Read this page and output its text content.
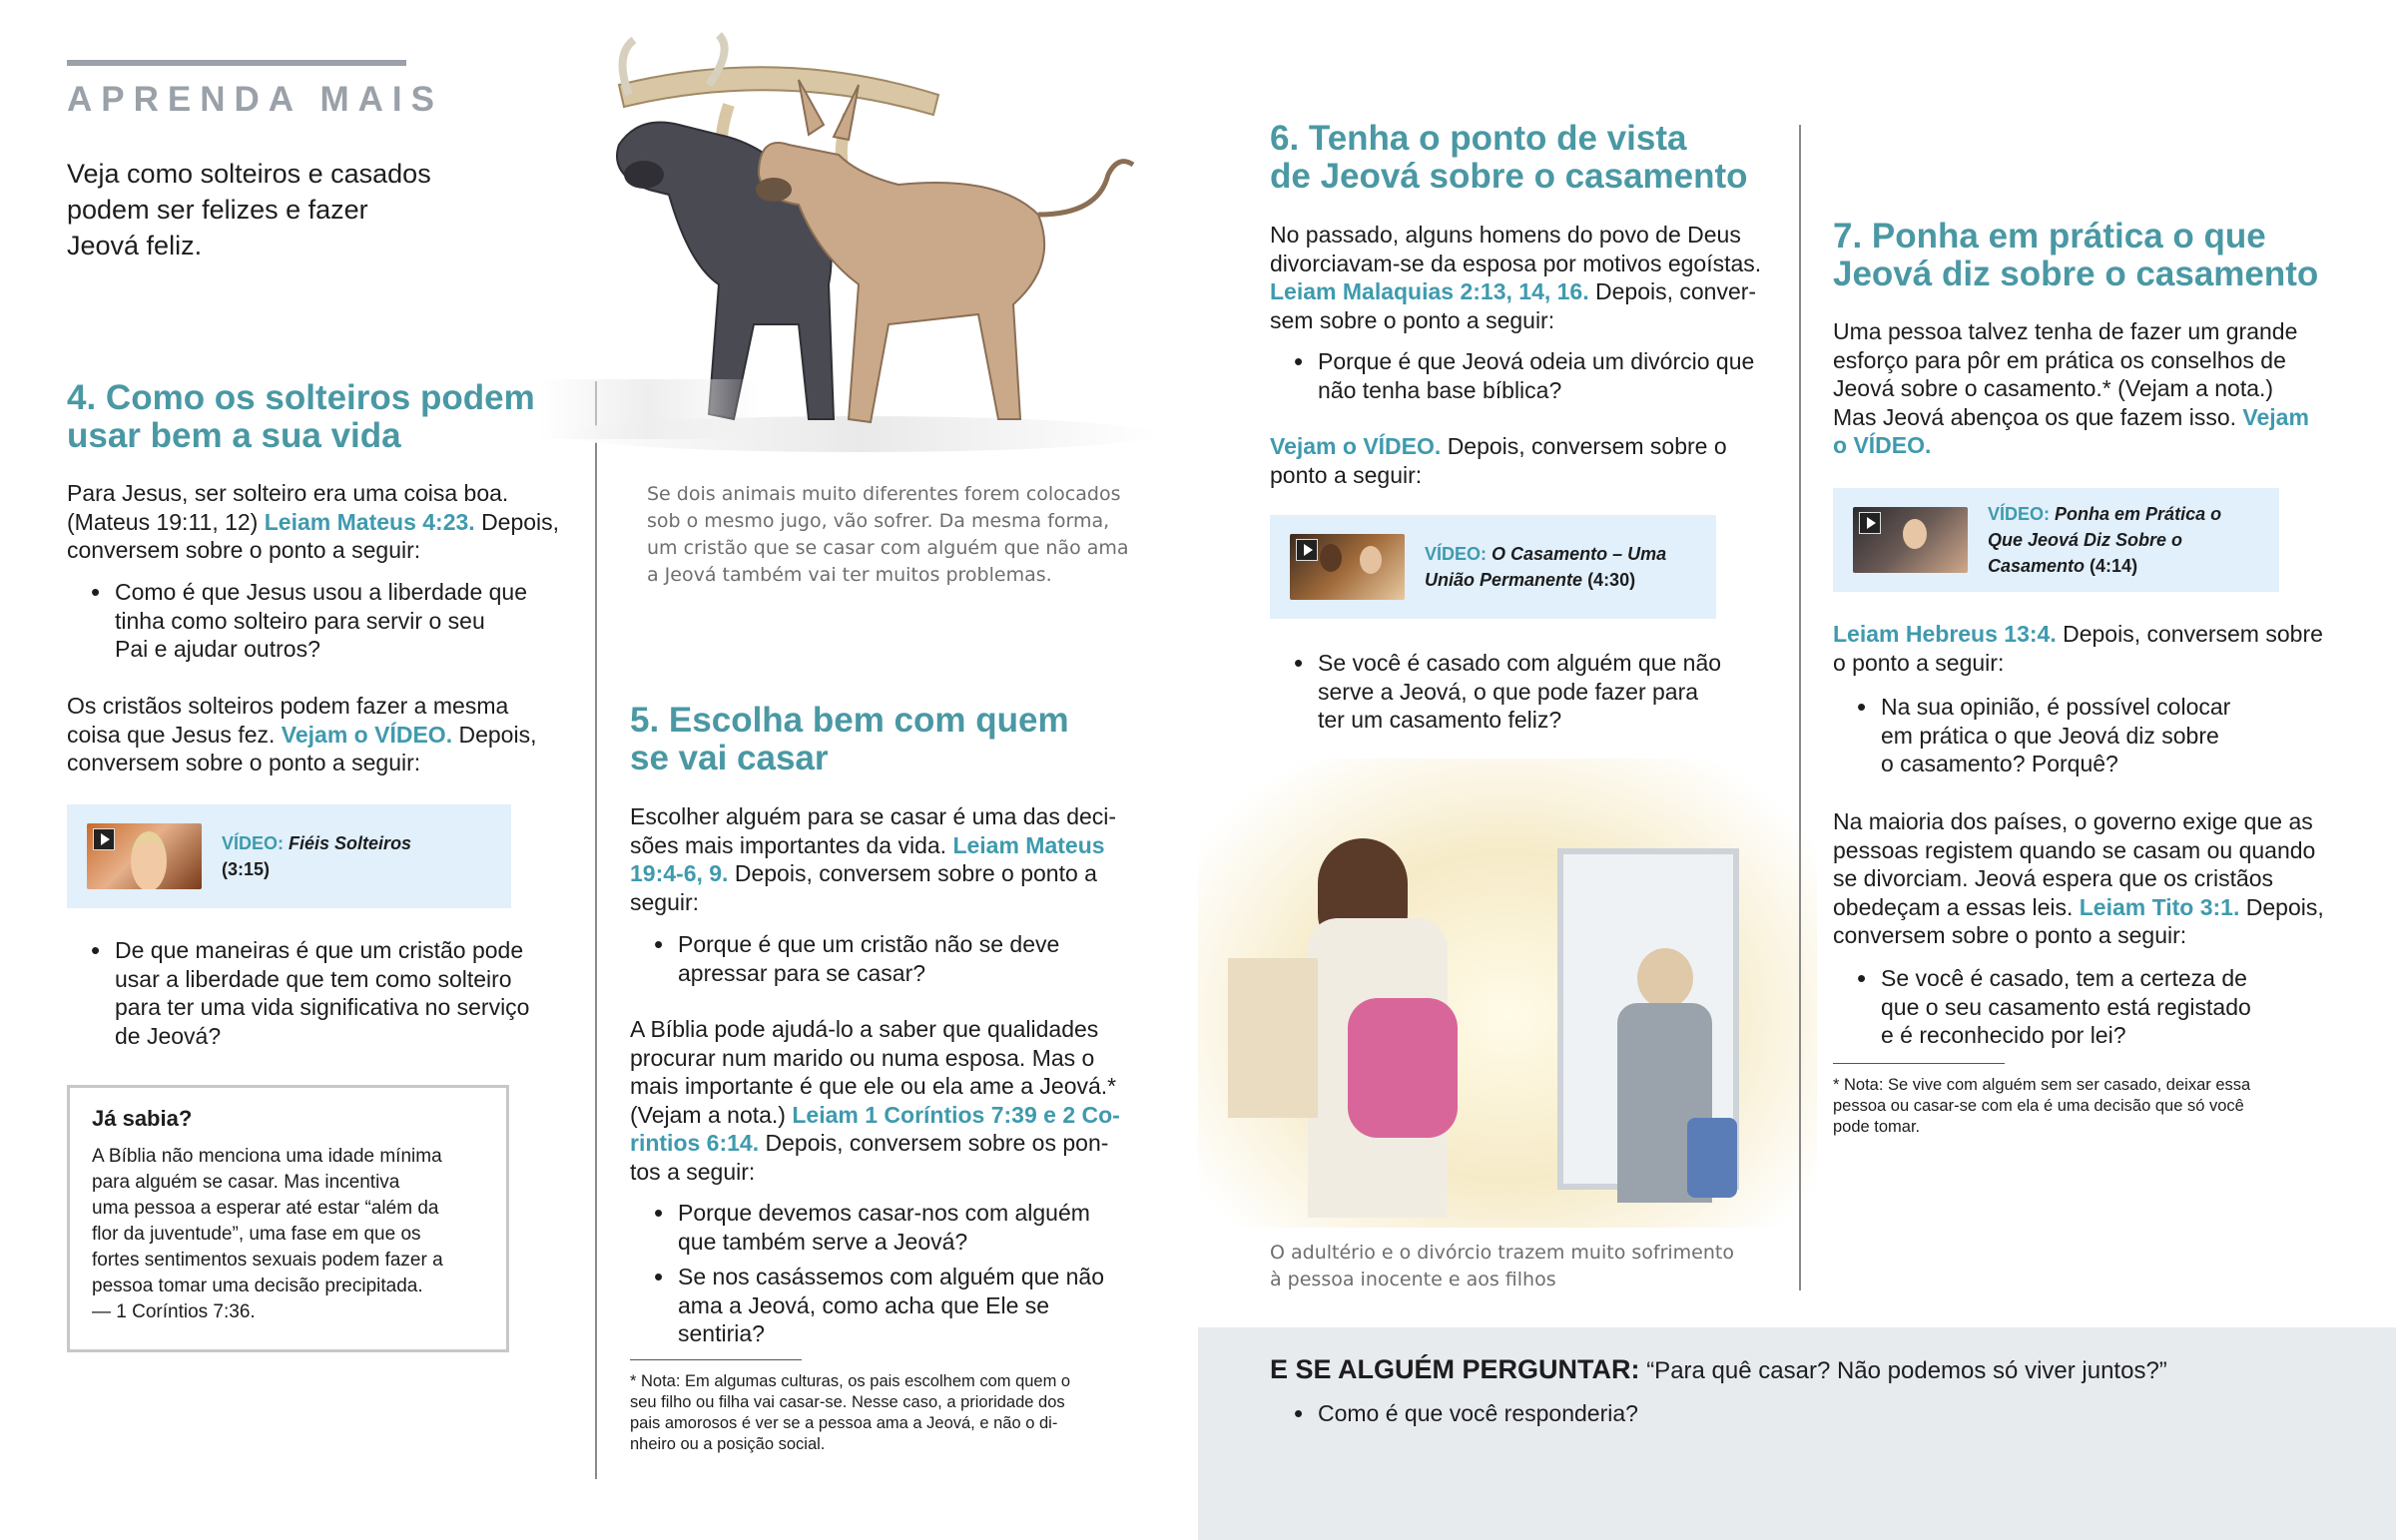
APRENDA MAIS
Veja como solteiros e casados
podem ser felizes e fazer
Jeová feliz.
4. Como os solteiros podem
usar bem a sua vida
Para Jesus, ser solteiro era uma coisa boa.
(Mateus 19:11, 12) Leiam Mateus 4:23. Depois,
conversem sobre o ponto a seguir:
• Como é que Jesus usou a liberdade que
tinha como solteiro para servir o seu
Pai e ajudar outros?
Os cristãos solteiros podem fazer a mesma
coisa que Jesus fez. Vejam o VÍDEO. Depois,
conversem sobre o ponto a seguir:
VÍDEO: Fiéis Solteiros
(3:15)
• De que maneiras é que um cristão pode
usar a liberdade que tem como solteiro
para ter uma vida significativa no serviço
de Jeová?
Já sabia?
A Bíblia não menciona uma idade mínima
para alguém se casar. Mas incentiva
uma pessoa a esperar até estar “além da
flor da juventude”, uma fase em que os
fortes sentimentos sexuais podem fazer a
pessoa tomar uma decisão precipitada.
— 1 Coríntios 7:36.
Se dois animais muito diferentes forem colocados
sob o mesmo jugo, vão sofrer. Da mesma forma,
um cristão que se casar com alguém que não ama
a Jeová também vai ter muitos problemas.
5. Escolha bem com quem
se vai casar
Escolher alguém para se casar é uma das deci-
sões mais importantes da vida. Leiam Mateus
19:4-6, 9. Depois, conversem sobre o ponto a
seguir:
• Porque é que um cristão não se deve
apressar para se casar?
A Bíblia pode ajudá-lo a saber que qualidades
procurar num marido ou numa esposa. Mas o
mais importante é que ele ou ela ame a Jeová.*
(Vejam a nota.) Leiam 1 Coríntios 7:39 e 2 Co-
rintios 6:14. Depois, conversem sobre os pon-
tos a seguir:
• Porque devemos casar-nos com alguém
que também serve a Jeová?
• Se nos casássemos com alguém que não
ama a Jeová, como acha que Ele se
sentiria?
* Nota: Em algumas culturas, os pais escolhem com quem o
seu filho ou filha vai casar-se. Nesse caso, a prioridade dos
pais amorosos é ver se a pessoa ama a Jeová, e não o di-
nheiro ou a posição social.
6. Tenha o ponto de vista
de Jeová sobre o casamento
No passado, alguns homens do povo de Deus
divorciavam-se da esposa por motivos egoístas.
Leiam Malaquias 2:13, 14, 16. Depois, conver-
sem sobre o ponto a seguir:
• Porque é que Jeová odeia um divórcio que
não tenha base bíblica?
Vejam o VÍDEO. Depois, conversem sobre o
ponto a seguir:
VÍDEO: O Casamento – Uma
União Permanente (4:30)
• Se você é casado com alguém que não
serve a Jeová, o que pode fazer para
ter um casamento feliz?
O adultério e o divórcio trazem muito sofrimento
à pessoa inocente e aos filhos
7. Ponha em prática o que
Jeová diz sobre o casamento
Uma pessoa talvez tenha de fazer um grande
esforço para pôr em prática os conselhos de
Jeová sobre o casamento.* (Vejam a nota.)
Mas Jeová abençoa os que fazem isso. Vejam
o VÍDEO.
VÍDEO: Ponha em Prática o
Que Jeová Diz Sobre o
Casamento (4:14)
Leiam Hebreus 13:4. Depois, conversem sobre
o ponto a seguir:
• Na sua opinião, é possível colocar
em prática o que Jeová diz sobre
o casamento? Porquê?
Na maioria dos países, o governo exige que as
pessoas registem quando se casam ou quando
se divorciam. Jeová espera que os cristãos
obedeçam a essas leis. Leiam Tito 3:1. Depois,
conversem sobre o ponto a seguir:
• Se você é casado, tem a certeza de
que o seu casamento está registado
e é reconhecido por lei?
* Nota: Se vive com alguém sem ser casado, deixar essa
pessoa ou casar-se com ela é uma decisão que só você
pode tomar.
E SE ALGUÉM PERGUNTAR: “Para quê casar? Não podemos só viver juntos?”
• Como é que você responderia?
